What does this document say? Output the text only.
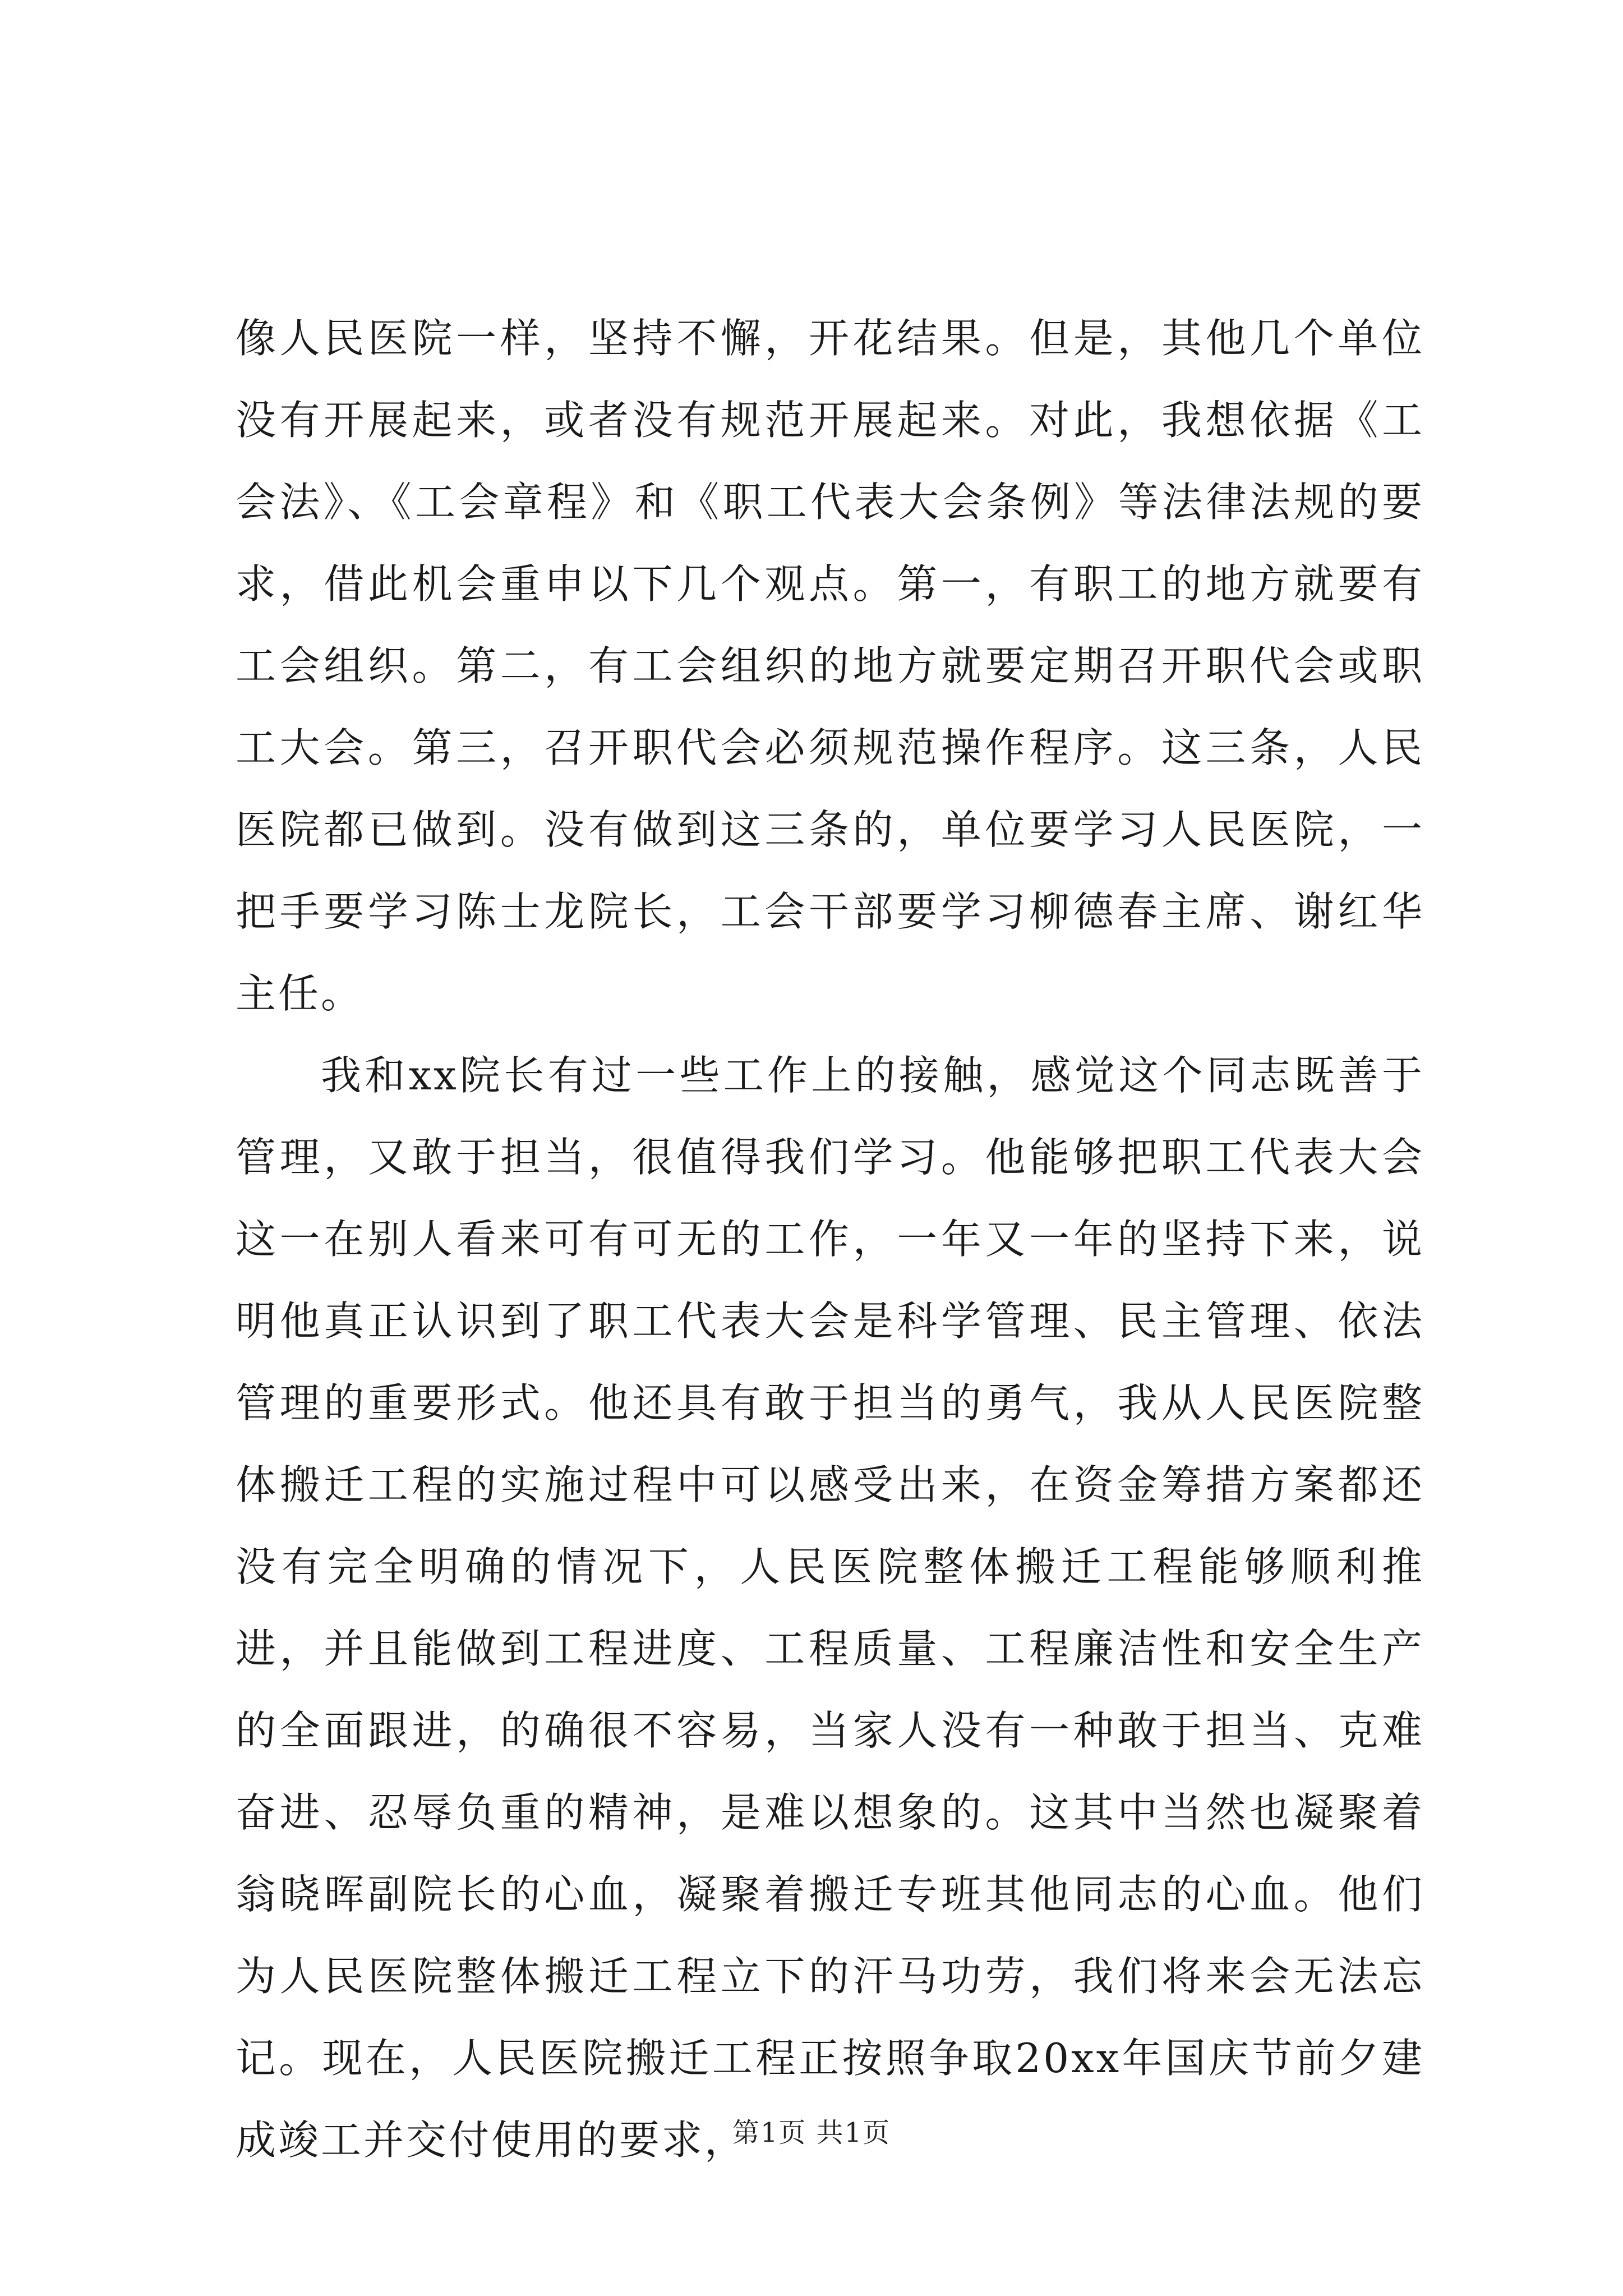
像人民医院一样，坚持不懈，开花结果。但是，其他几个单位没有开展起来，或者没有规范开展起来。对此，我想依据《工会法》、《工会章程》和《职工代表大会条例》等法律法规的要求，借此机会重申以下几个观点。第一，有职工的地方就要有工会组织。第二，有工会组织的地方就要定期召开职代会或职工大会。第三，召开职代会必须规范操作程序。这三条，人民医院都已做到。没有做到这三条的，单位要学习人民医院，一把手要学习陈士龙院长，工会干部要学习柳德春主席、谢红华主任。

我和xx院长有过一些工作上的接触，感觉这个同志既善于管理，又敢于担当，很值得我们学习。他能够把职工代表大会这一在别人看来可有可无的工作，一年又一年的坚持下来，说明他真正认识到了职工代表大会是科学管理、民主管理、依法管理的重要形式。他还具有敢于担当的勇气，我从人民医院整体搬迁工程的实施过程中可以感受出来，在资金筹措方案都还没有完全明确的情况下，人民医院整体搬迁工程能够顺利推进，并且能做到工程进度、工程质量、工程廉洁性和安全生产的全面跟进，的确很不容易，当家人没有一种敢于担当、克难奋进、忍辱负重的精神，是难以想象的。这其中当然也凝聚着翁晓晖副院长的心血，凝聚着搬迁专班其他同志的心血。他们为人民医院整体搬迁工程立下的汗马功劳，我们将来会无法忘记。现在，人民医院搬迁工程正按照争取20xx年国庆节前夕建成竣工并交付使用的要求，

第1页 共1页
